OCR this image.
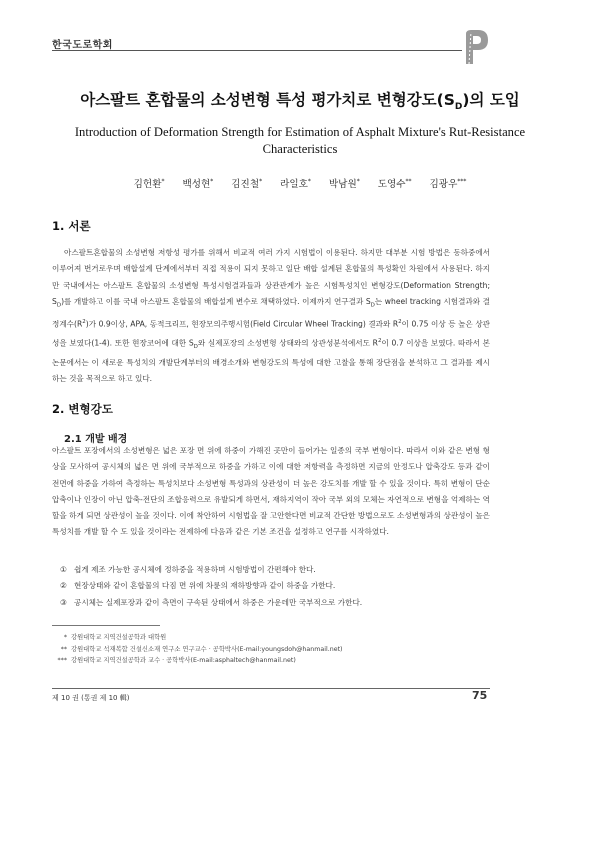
한국도로학회
아스팔트 혼합물의 소성변형 특성 평가치로 변형강도$(S_D)$의 도입
Introduction of Deformation Strength for Estimation of Asphalt Mixture's Rut-Resistance
Characteristics
김헌환* 백성현* 김진철* 라일호* 박남원* 도영수** 김광우***
1. 서론
아스팔트혼합물의 소성변형 저항성 평가를 위해서 비교적 여러 가지 시험법이 이용된다. 하지만 대부분 시험 방법은 동하중에서 이루어져 번거로우며 배합설계 단계에서부터 직접 적용이 되지 못하고 일단 배합 설계된 혼합물의 특성확인 차원에서 사용된다. 하지만 국내에서는 아스팔트 혼합물의 소성변형 특성시험결과들과 상관관계가 높은 시험특성치인 변형강도(Deformation Strength; $S_D$)를 개발하고 이를 국내 아스팔트 혼합물의 배합설계 변수로 채택하였다. 이제까지 연구결과 $S_D$는 wheel tracking 시험결과와 결정계수$(R^2)$가 0.9이상, APA, 동적크리프, 현장모의주행시험(Field Circular Wheel Tracking) 결과와 $R^2$이 0.75 이상 등 높은 상관성을 보였다(1-4). 또한 현장코어에 대한 $S_D$와 실제포장의 소성변형 상태와의 상관성분석에서도 $R^2$이 0.7 이상을 보였다. 따라서 본 논문에서는 이 새로운 특성치의 개발단계부터의 배경소개와 변형강도의 특성에 대한 고찰을 통해 장단점을 분석하고 그 결과를 제시하는 것을 목적으로 하고 있다.
2. 변형강도
2.1 개발 배경
아스팔트 포장에서의 소성변형은 넓은 포장 면 위에 하중이 가해진 곳만이 들어가는 일종의 국부 변형이다. 따라서 이와 같은 변형 형상을 모사하여 공시체의 넓은 면 위에 국부적으로 하중을 가하고 이에 대한 저항력을 측정하면 지금의 안정도나 압축강도 등과 같이 전면에 하중을 가하여 측정하는 특성치보다 소성변형 특성과의 상관성이 더 높은 강도치를 개발 할 수 있을 것이다. 특히 변형이 단순 압축이나 인장이 아닌 압축-전단의 조합응력으로 유발되게 하면서, 재하지역이 작아 국부 외의 모체는 자연적으로 변형을 억제하는 역할을 하게 되면 상관성이 높을 것이다. 이에 착안하여 시험법을 잘 고안한다면 비교적 간단한 방법으로도 소성변형과의 상관성이 높은 특성치를 개발 할 수 도 있을 것이라는 전제하에 다음과 같은 기본 조건을 설정하고 연구를 시작하였다.
① 쉽게 제조 가능한 공시체에 정하중을 적용하며 시험방법이 간편해야 한다.
② 현장상태와 같이 혼합물의 다짐 면 위에 차륜의 재하방향과 같이 하중을 가한다.
③ 공시체는 실제포장과 같이 측면이 구속된 상태에서 하중은 가운데만 국부적으로 가한다.
* 강원대학교 지역건설공학과 대학원
** 강원대학교 석재복합 건설신소재 연구소 연구교수 · 공학박사(E-mail:youngsdoh@hanmail.net)
*** 강원대학교 지역건설공학과 교수 · 공학박사(E-mail:asphaltech@hanmail.net)
제 10 권 (통권 제 10 輯)	75
